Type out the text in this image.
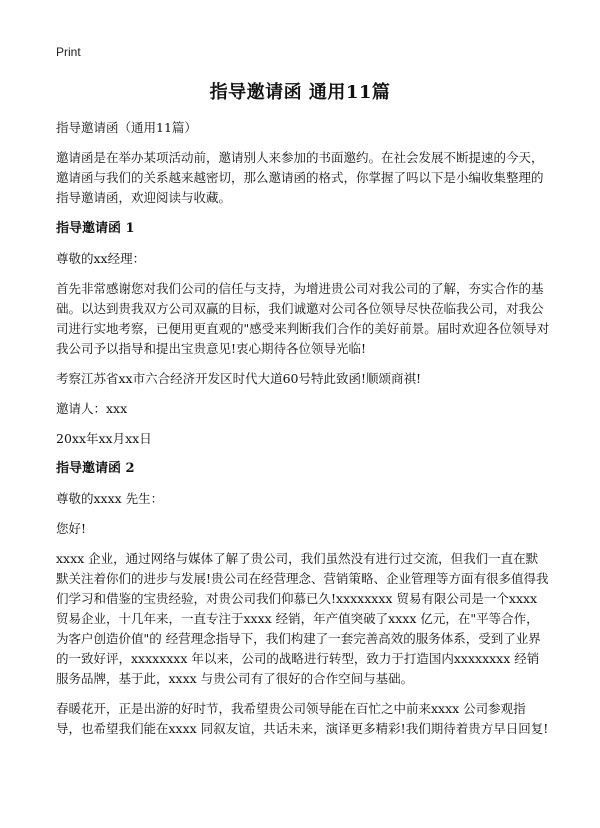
Print
指导邀请函 通用11篇

指导邀请函（通用11篇）

邀请函是在举办某项活动前，邀请别人来参加的书面邀约。在社会发展不断提速的今天，邀请函与我们的关系越来越密切，那么邀请函的格式，你掌握了吗以下是小编收集整理的指导邀请函，欢迎阅读与收藏。

指导邀请函 1

尊敬的xx经理：

首先非常感谢您对我们公司的信任与支持，为增进贵公司对我公司的了解，夯实合作的基础。以达到贵我双方公司双赢的目标，我们诚邀对公司各位领导尽快莅临我公司，对我公司进行实地考察，已便用更直观的"感受来判断我们合作的美好前景。届时欢迎各位领导对我公司予以指导和提出宝贵意见!衷心期待各位领导光临!

考察江苏省xx市六合经济开发区时代大道60号特此致函!顺颂商祺!

邀请人：xxx

20xx年xx月xx日

指导邀请函 2

尊敬的xxxx 先生：

您好!

xxxx 企业，通过网络与媒体了解了贵公司，我们虽然没有进行过交流，但我们一直在默默关注着你们的进步与发展!贵公司在经营理念、营销策略、企业管理等方面有很多值得我们学习和借鉴的宝贵经验，对贵公司我们仰慕已久!xxxxxxxx 贸易有限公司是一个xxxx 贸易企业，十几年来，一直专注于xxxx 经销，年产值突破了xxxx 亿元，在"平等合作，为客户创造价值"的 经营理念指导下，我们构建了一套完善高效的服务体系，受到了业界的一致好评，xxxxxxxx 年以来，公司的战略进行转型，致力于打造国内xxxxxxxx 经销服务品牌，基于此，xxxx 与贵公司有了很好的合作空间与基础。

春暖花开，正是出游的好时节，我希望贵公司领导能在百忙之中前来xxxx 公司参观指导，也希望我们能在xxxx 同叙友谊，共话未来，演译更多精彩!我们期待着贵方早日回复!
